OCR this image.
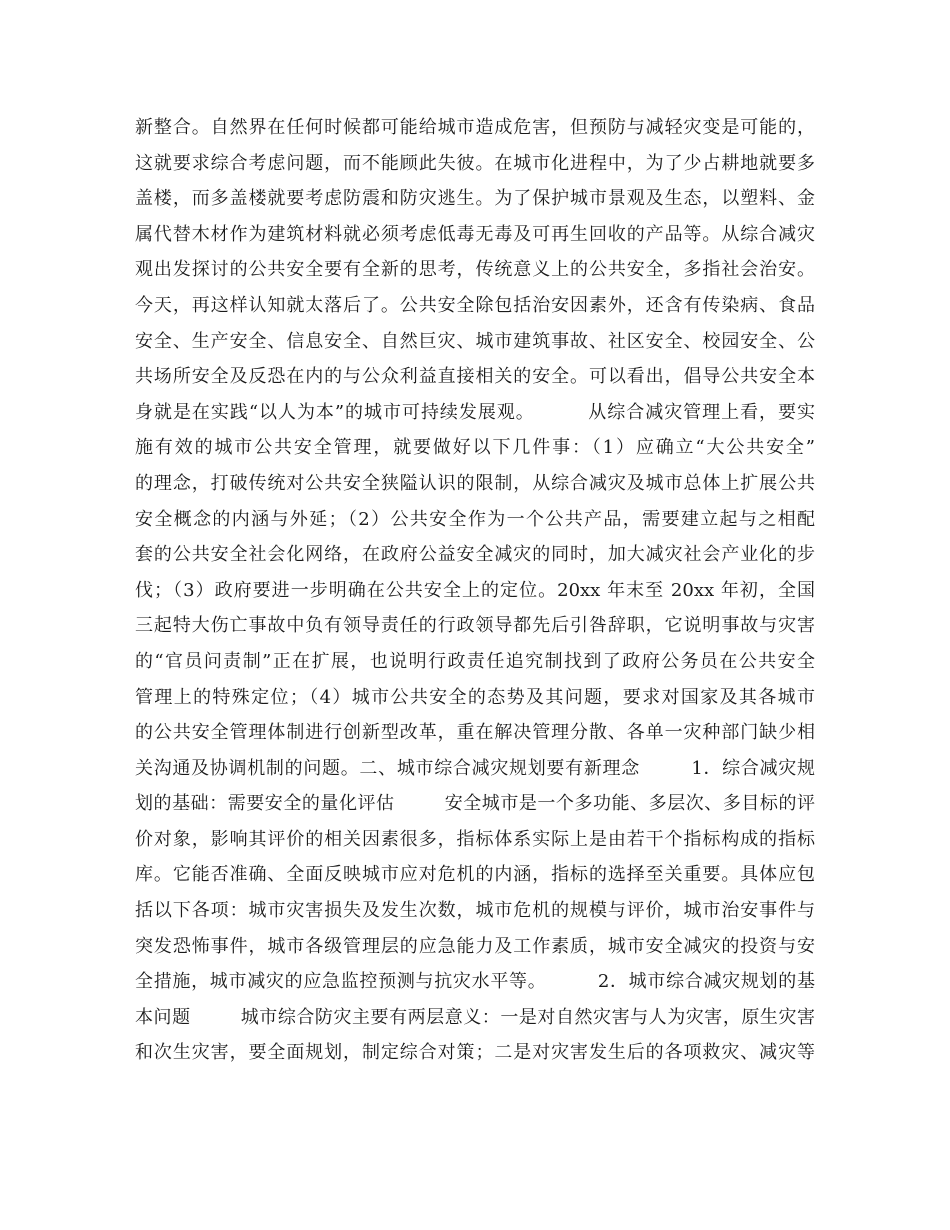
新整合。自然界在任何时候都可能给城市造成危害，但预防与减轻灾变是可能的，
这就要求综合考虑问题，而不能顾此失彼。在城市化进程中，为了少占耕地就要多
盖楼，而多盖楼就要考虑防震和防灾逃生。为了保护城市景观及生态，以塑料、金
属代替木材作为建筑材料就必须考虑低毒无毒及可再生回收的产品等。从综合减灾
观出发探讨的公共安全要有全新的思考，传统意义上的公共安全，多指社会治安。
今天，再这样认知就太落后了。公共安全除包括治安因素外，还含有传染病、食品
安全、生产安全、信息安全、自然巨灾、城市建筑事故、社区安全、校园安全、公
共场所安全及反恐在内的与公众利益直接相关的安全。可以看出，倡导公共安全本
身就是在实践“以人为本”的城市可持续发展观。        从综合减灾管理上看，要实
施有效的城市公共安全管理，就要做好以下几件事：（1）应确立“大公共安全”
的理念，打破传统对公共安全狭隘认识的限制，从综合减灾及城市总体上扩展公共
安全概念的内涵与外延；（2）公共安全作为一个公共产品，需要建立起与之相配
套的公共安全社会化网络，在政府公益安全减灾的同时，加大减灾社会产业化的步
伐；（3）政府要进一步明确在公共安全上的定位。20xx 年末至 20xx 年初，全国
三起特大伤亡事故中负有领导责任的行政领导都先后引咎辞职，它说明事故与灾害
的“官员问责制”正在扩展，也说明行政责任追究制找到了政府公务员在公共安全
管理上的特殊定位；（4）城市公共安全的态势及其问题，要求对国家及其各城市
的公共安全管理体制进行创新型改革，重在解决管理分散、各单一灾种部门缺少相
关沟通及协调机制的问题。二、城市综合减灾规划要有新理念        1．综合减灾规
划的基础：需要安全的量化评估        安全城市是一个多功能、多层次、多目标的评
价对象，影响其评价的相关因素很多，指标体系实际上是由若干个指标构成的指标
库。它能否准确、全面反映城市应对危机的内涵，指标的选择至关重要。具体应包
括以下各项：城市灾害损失及发生次数，城市危机的规模与评价，城市治安事件与
突发恐怖事件，城市各级管理层的应急能力及工作素质，城市安全减灾的投资与安
全措施，城市减灾的应急监控预测与抗灾水平等。        2．城市综合减灾规划的基
本问题        城市综合防灾主要有两层意义：一是对自然灾害与人为灾害，原生灾害
和次生灾害，要全面规划，制定综合对策；二是对灾害发生后的各项救灾、减灾等
